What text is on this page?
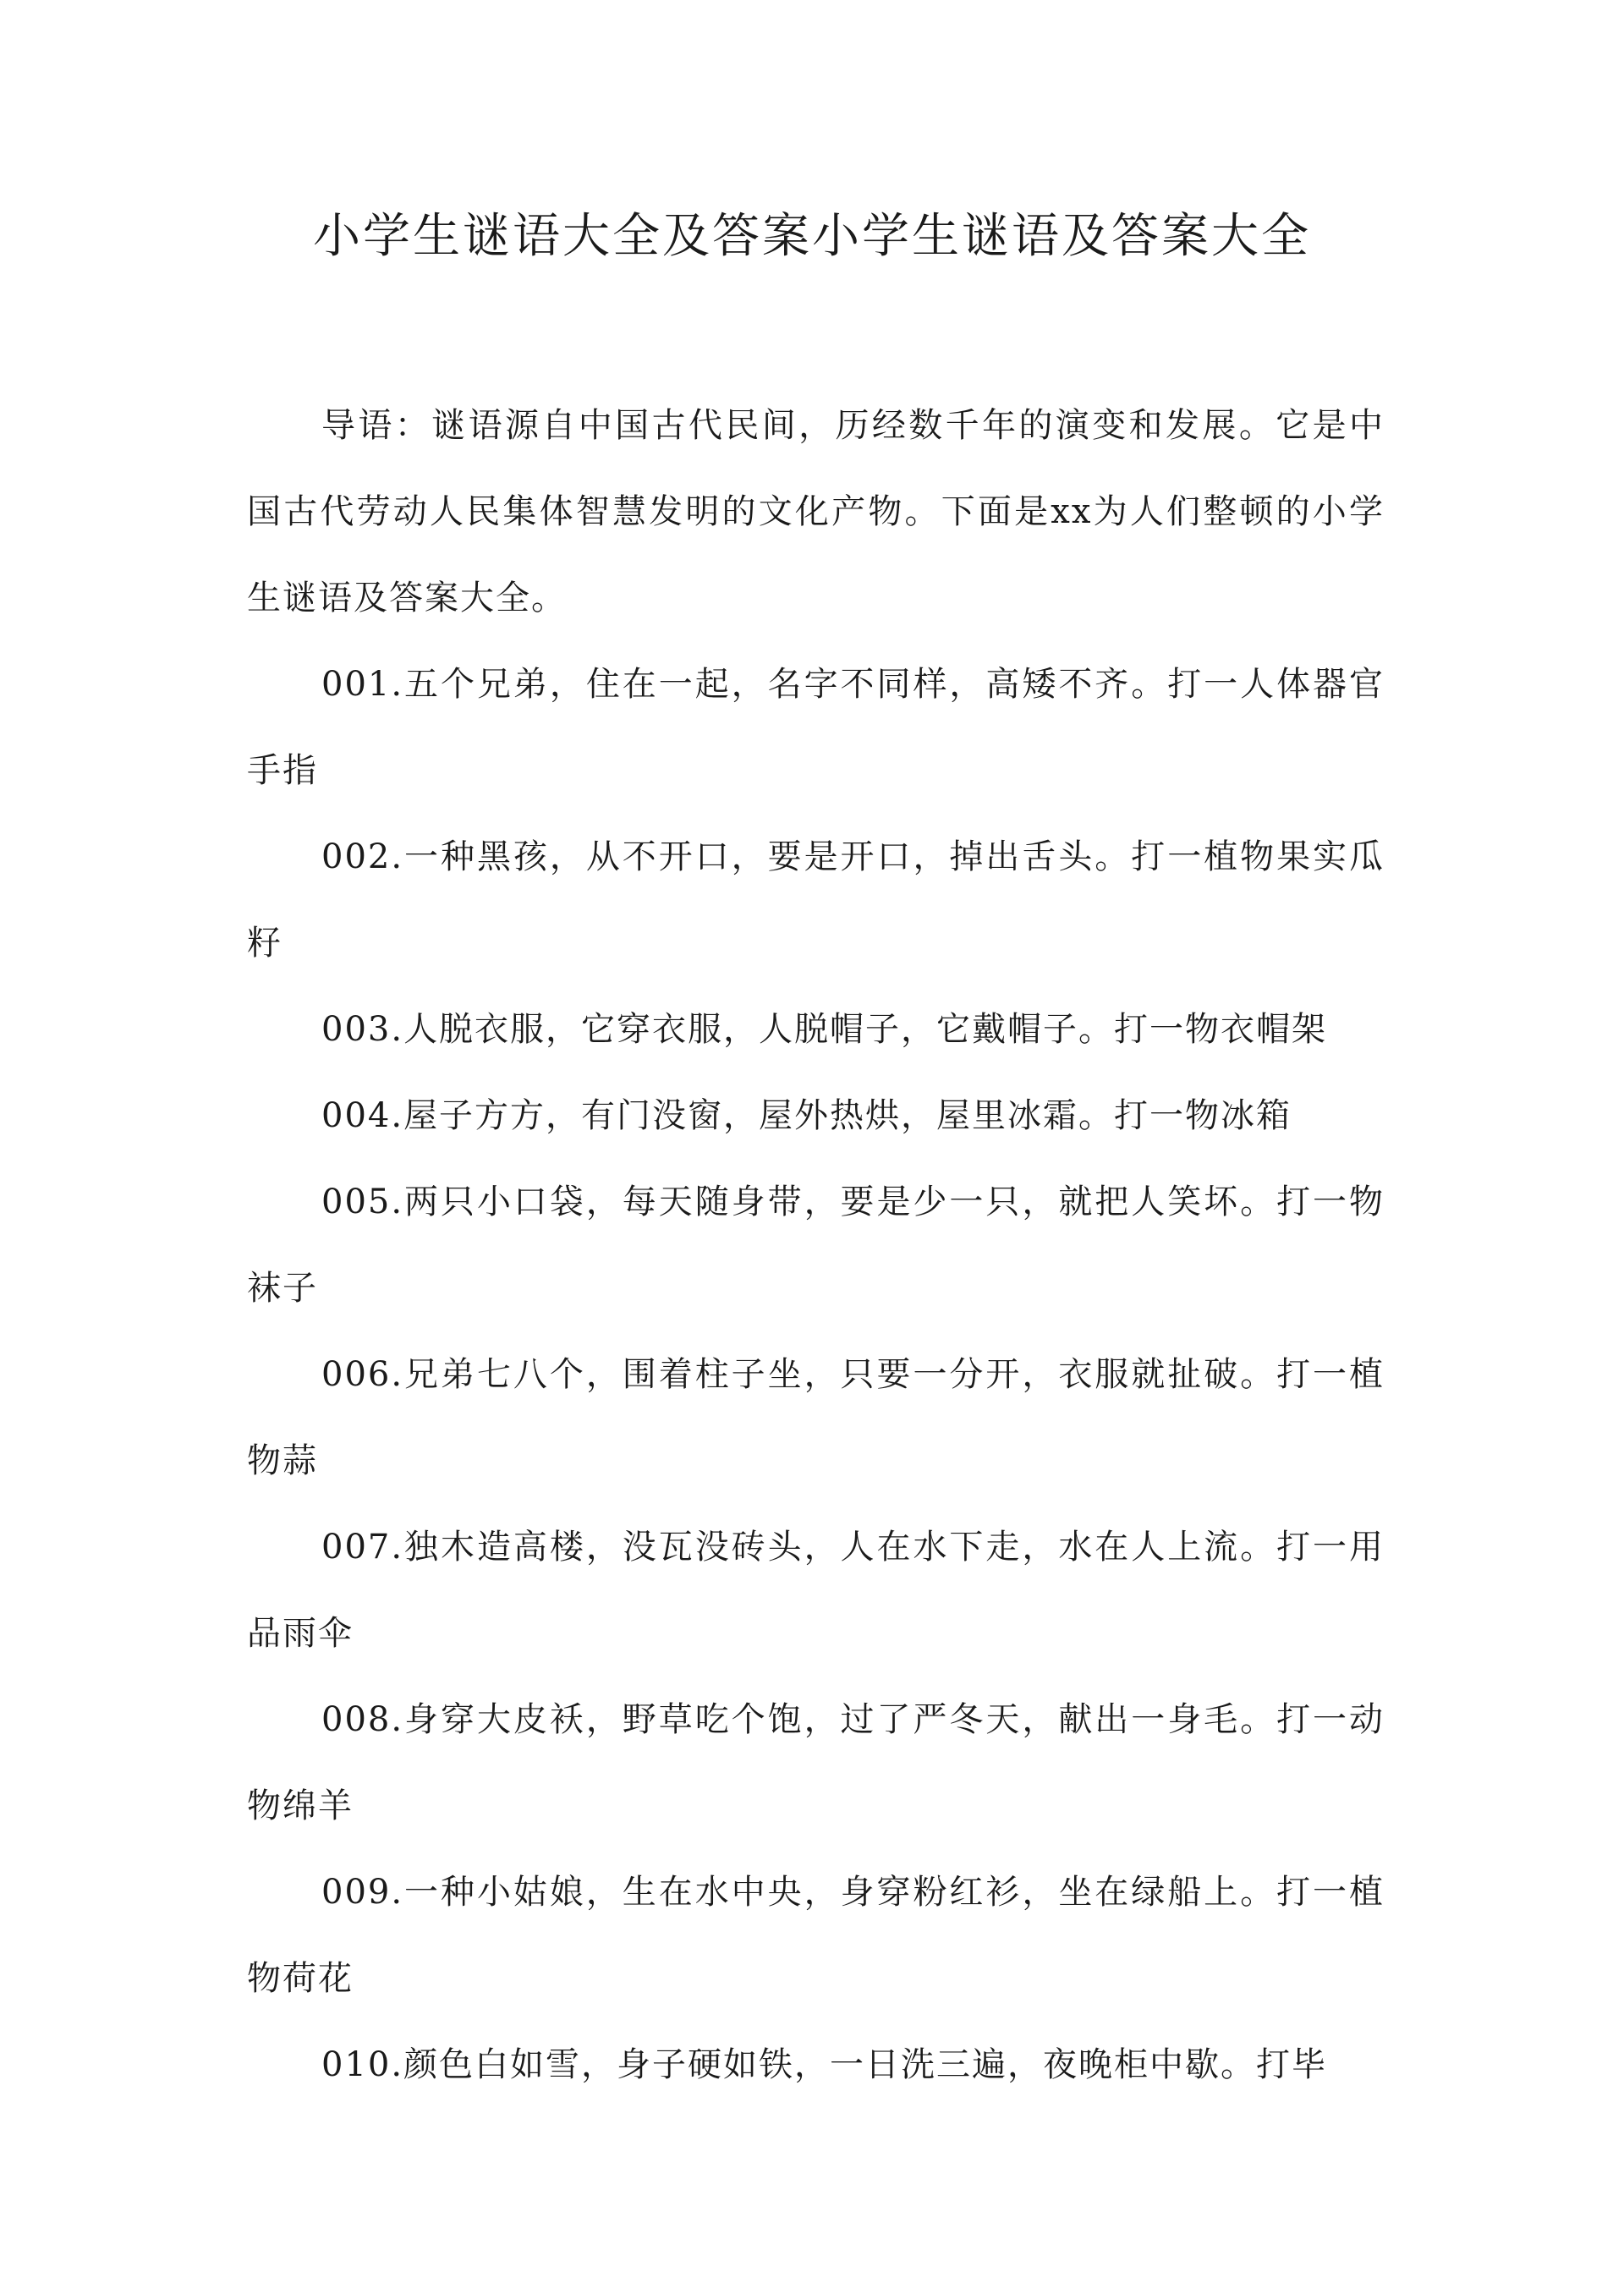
小学生谜语大全及答案小学生谜语及答案大全

导语：谜语源自中国古代民间，历经数千年的演变和发展。它是中国古代劳动人民集体智慧发明的文化产物。下面是xx为人们整顿的小学生谜语及答案大全。

001.五个兄弟，住在一起，名字不同样，高矮不齐。打一人体器官手指

002.一种黑孩，从不开口，要是开口，掉出舌头。打一植物果实瓜籽

003.人脱衣服，它穿衣服，人脱帽子，它戴帽子。打一物衣帽架

004.屋子方方，有门没窗，屋外热烘，屋里冰霜。打一物冰箱

005.两只小口袋，每天随身带，要是少一只，就把人笑坏。打一物袜子

006.兄弟七八个，围着柱子坐，只要一分开，衣服就扯破。打一植物蒜

007.独木造高楼，没瓦没砖头，人在水下走，水在人上流。打一用品雨伞

008.身穿大皮袄，野草吃个饱，过了严冬天，献出一身毛。打一动物绵羊

009.一种小姑娘，生在水中央，身穿粉红衫，坐在绿船上。打一植物荷花

010.颜色白如雪，身子硬如铁，一日洗三遍，夜晚柜中歇。打毕
